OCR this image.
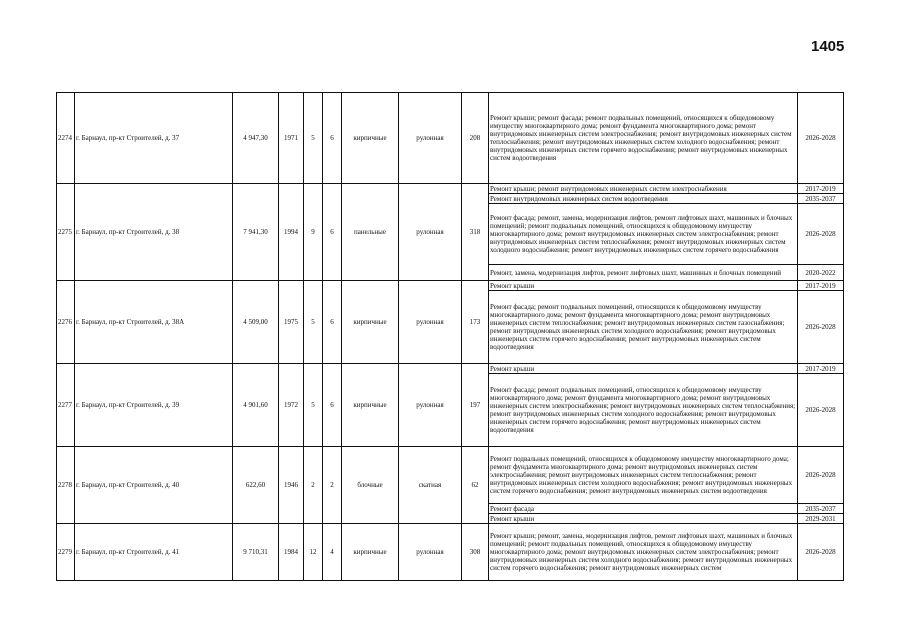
1405
2274	г. Барнаул, пр-кт Строителей, д. 37	4 947,30	1971	5	6	кирпичные	рулонная	208	Ремонт крыши; ремонт фасада; ремонт подвальных помещений, относящихся к общедомовому имуществу многоквартирного дома; ремонт фундамента многоквартирного дома; ремонт внутридомовых инженерных систем электроснабжения; ремонт внутридомовых инженерных систем теплоснабжения; ремонт внутридомовых инженерных систем холодного водоснабжения; ремонт внутридомовых инженерных систем горячего водоснабжения; ремонт внутридомовых инженерных систем водоотведения	2026-2028
2275	г. Барнаул, пр-кт Строителей, д. 38	7 941,30	1994	9	6	панельные	рулонная	318	Ремонт крыши; ремонт внутридомовых инженерных систем электроснабжения	2017-2019
									Ремонт внутридомовых инженерных систем водоотведения	2035-2037
									Ремонт фасада; ремонт, замена, модернизация лифтов, ремонт лифтовых шахт, машинных и блочных помещений; ремонт подвальных помещений, относящихся к общедомовому имуществу многоквартирного дома; ремонт внутридомовых инженерных систем электроснабжения; ремонт внутридомовых инженерных систем теплоснабжения; ремонт внутридомовых инженерных систем холодного водоснабжения; ремонт внутридомовых инженерных систем горячего водоснабжения	2026-2028
									Ремонт, замена, модернизация лифтов, ремонт лифтовых шахт, машинных и блочных помещений	2020-2022
2276	г. Барнаул, пр-кт Строителей, д. 38А	4 509,00	1975	5	6	кирпичные	рулонная	173	Ремонт крыши	2017-2019
									Ремонт фасада; ремонт подвальных помещений, относящихся к общедомовому имуществу многоквартирного дома; ремонт фундамента многоквартирного дома; ремонт внутридомовых инженерных систем теплоснабжения; ремонт внутридомовых инженерных систем газоснабжения; ремонт внутридомовых инженерных систем холодного водоснабжения; ремонт внутридомовых инженерных систем горячего водоснабжения; ремонт внутридомовых инженерных систем водоотведения	2026-2028
2277	г. Барнаул, пр-кт Строителей, д. 39	4 901,60	1972	5	6	кирпичные	рулонная	197	Ремонт крыши	2017-2019
									Ремонт фасада; ремонт подвальных помещений, относящихся к общедомовому имуществу многоквартирного дома; ремонт фундамента многоквартирного дома; ремонт внутридомовых инженерных систем электроснабжения; ремонт внутридомовых инженерных систем теплоснабжения; ремонт внутридомовых инженерных систем холодного водоснабжения; ремонт внутридомовых инженерных систем горячего водоснабжения; ремонт внутридомовых инженерных систем водоотведения	2026-2028
2278	г. Барнаул, пр-кт Строителей, д. 40	622,60	1946	2	2	блочные	скатная	62	Ремонт подвальных помещений, относящихся к общедомовому имуществу многоквартирного дома; ремонт фундамента многоквартирного дома; ремонт внутридомовых инженерных систем электроснабжения; ремонт внутридомовых инженерных систем теплоснабжения; ремонт внутридомовых инженерных систем холодного водоснабжения; ремонт внутридомовых инженерных систем горячего водоснабжения; ремонт внутридомовых инженерных систем водоотведения	2026-2028
									Ремонт фасада	2035-2037
									Ремонт крыши	2029-2031
2279	г. Барнаул, пр-кт Строителей, д. 41	9 710,31	1984	12	4	кирпичные	рулонная	308	Ремонт крыши; ремонт, замена, модернизация лифтов, ремонт лифтовых шахт, машинных и блочных помещений; ремонт подвальных помещений, относящихся к общедомовому имуществу многоквартирного дома; ремонт внутридомовых инженерных систем электроснабжения; ремонт внутридомовых инженерных систем холодного водоснабжения; ремонт внутридомовых инженерных систем горячего водоснабжения; ремонт внутридомовых инженерных систем	2026-2028
